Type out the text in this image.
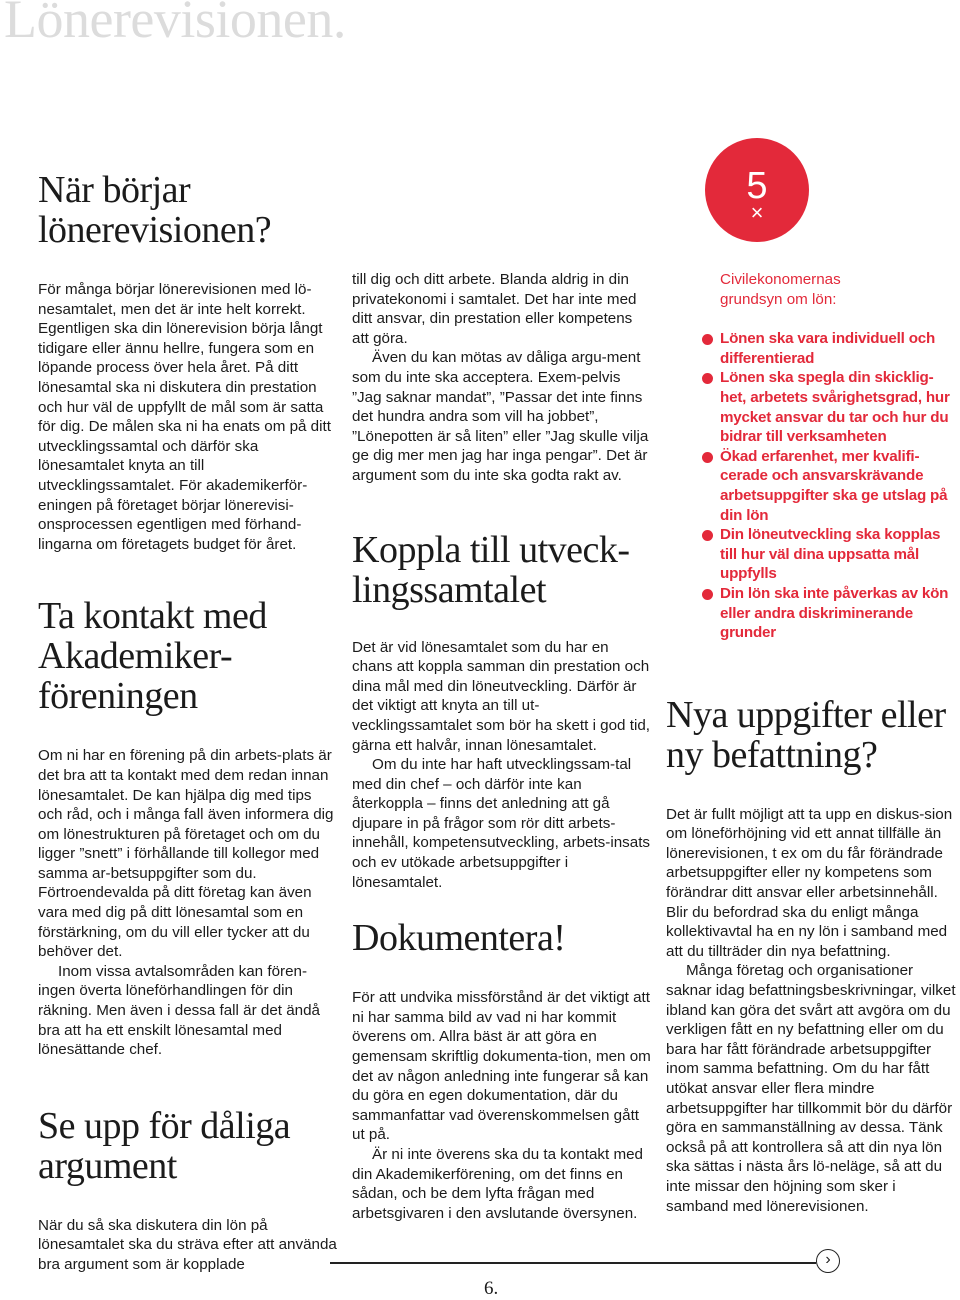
Lönerevisionen.
När börjar lönerevisionen?

För många börjar lönerevisionen med lö-nesamtalet, men det är inte helt korrekt. Egentligen ska din lönerevision börja långt tidigare eller ännu hellre, fungera som en löpande process över hela året. På ditt lönesamtal ska ni diskutera din prestation och hur väl de uppfyllt de mål som är satta för dig. De målen ska ni ha enats om på ditt utvecklingssamtal och därför ska lönesamtalet knyta an till utvecklingssamtalet. För akademikerför-eningen på företaget börjar lönerevisi-onsprocessen egentligen med förhand-lingarna om företagets budget för året.

Ta kontakt med Akademiker-föreningen

Om ni har en förening på din arbets-plats är det bra att ta kontakt med dem redan innan lönesamtalet. De kan hjälpa dig med tips och råd, och i många fall även informera dig om lönestrukturen på företaget och om du ligger ”snett” i förhållande till kollegor med samma ar-betsuppgifter som du. Förtroendevalda på ditt företag kan även vara med dig på ditt lönesamtal som en förstärkning, om du vill eller tycker att du behöver det.

Inom vissa avtalsområden kan fören-ingen överta löneförhandlingen för din räkning. Men även i dessa fall är det ändå bra att ha ett enskilt lönesamtal med lönesättande chef.

Se upp för dåliga argument

När du så ska diskutera din lön på lönesamtalet ska du sträva efter att använda bra argument som är kopplade

till dig och ditt arbete. Blanda aldrig in din privatekonomi i samtalet. Det har inte med ditt ansvar, din prestation eller kompetens att göra.

Även du kan mötas av dåliga argu-ment som du inte ska acceptera. Exem-pelvis ”Jag saknar mandat”, ”Passar det inte finns det hundra andra som vill ha jobbet”, ”Lönepotten är så liten” eller ”Jag skulle vilja ge dig mer men jag har inga pengar”. Det är argument som du inte ska godta rakt av.

Koppla till utveck-lingssamtalet

Det är vid lönesamtalet som du har en chans att koppla samman din prestation och dina mål med din löneutveckling. Därför är det viktigt att knyta an till ut-vecklingssamtalet som bör ha skett i god tid, gärna ett halvår, innan lönesamtalet.

Om du inte har haft utvecklingssam-tal med din chef – och därför inte kan återkoppla – finns det anledning att gå djupare in på frågor som rör ditt arbets-innehåll, kompetensutveckling, arbets-insats och ev utökade arbetsuppgifter i lönesamtalet.

Dokumentera!

För att undvika missförstånd är det viktigt att ni har samma bild av vad ni har kommit överens om. Allra bäst är att göra en gemensam skriftlig dokumenta-tion, men om det av någon anledning inte fungerar så kan du göra en egen dokumentation, där du sammanfattar vad överenskommelsen gått ut på.

Är ni inte överens ska du ta kontakt med din Akademikerförening, om det finns en sådan, och be dem lyfta frågan med arbetsgivaren i den avslutande översynen.

5
×

Civilekonomernas grundsyn om lön:

Lönen ska vara individuell och differentierad
Lönen ska spegla din skicklig-het, arbetets svårighetsgrad, hur mycket ansvar du tar och hur du bidrar till verksamheten
Ökad erfarenhet, mer kvalifi-cerade och ansvarskrävande arbetsuppgifter ska ge utslag på din lön
Din löneutveckling ska kopplas till hur väl dina uppsatta mål uppfylls
Din lön ska inte påverkas av kön eller andra diskriminerande grunder
Nya uppgifter eller ny befattning?

Det är fullt möjligt att ta upp en diskus-sion om löneförhöjning vid ett annat tillfälle än lönerevisionen, t ex om du får förändrade arbetsuppgifter eller ny kompetens som förändrar ditt ansvar eller arbetsinnehåll. Blir du befordrad ska du enligt många kollektivavtal ha en ny lön i samband med att du tillträder din nya befattning.

Många företag och organisationer saknar idag befattningsbeskrivningar, vilket ibland kan göra det svårt att avgöra om du verkligen fått en ny befattning eller om du bara har fått förändrade arbetsuppgifter inom samma befattning. Om du har fått utökat ansvar eller flera mindre arbetsuppgifter har tillkommit bör du därför göra en sammanställning av dessa. Tänk också på att kontrollera så att din nya lön ska sättas i nästa års lö-neläge, så att du inte missar den höjning som sker i samband med lönerevisionen.

›
6.
